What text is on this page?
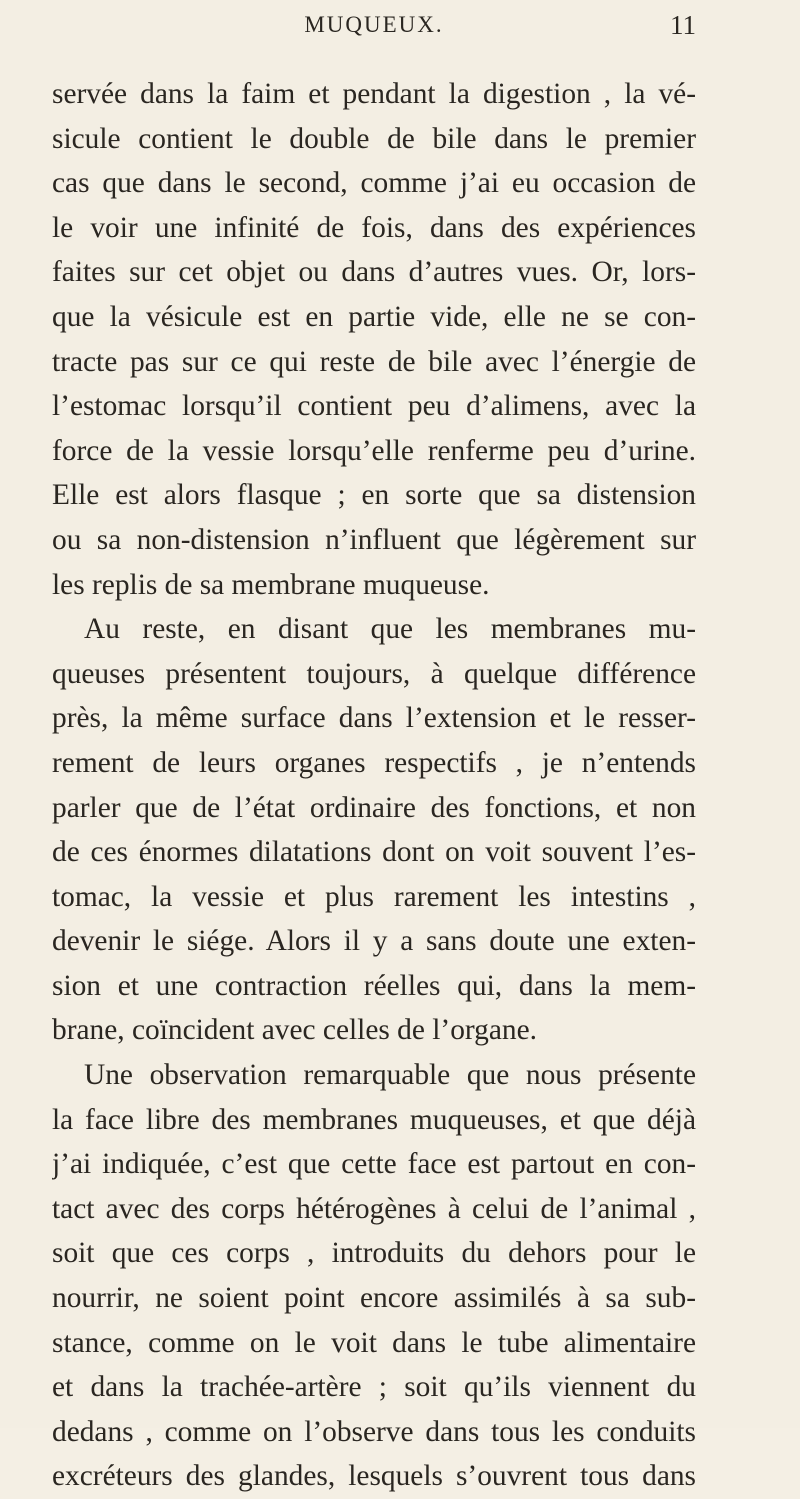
MUQUEUX.	11
servée dans la faim et pendant la digestion , la vé-
sicule contient le double de bile dans le premier
cas que dans le second, comme j’ai eu occasion de
le voir une infinité de fois, dans des expériences
faites sur cet objet ou dans d’autres vues. Or, lors-
que la vésicule est en partie vide, elle ne se con-
tracte pas sur ce qui reste de bile avec l’énergie de
l’estomac lorsqu’il contient peu d’alimens, avec la
force de la vessie lorsqu’elle renferme peu d’urine.
Elle est alors flasque ; en sorte que sa distension
ou sa non-distension n’influent que légèrement sur
les replis de sa membrane muqueuse.
Au reste, en disant que les membranes mu-
queuses présentent toujours, à quelque différence
près, la même surface dans l’extension et le resser-
rement de leurs organes respectifs , je n’entends
parler que de l’état ordinaire des fonctions, et non
de ces énormes dilatations dont on voit souvent l’es-
tomac, la vessie et plus rarement les intestins ,
devenir le siége. Alors il y a sans doute une exten-
sion et une contraction réelles qui, dans la mem-
brane, coïncident avec celles de l’organe.
Une observation remarquable que nous présente
la face libre des membranes muqueuses, et que déjà
j’ai indiquée, c’est que cette face est partout en con-
tact avec des corps hétérogènes à celui de l’animal ,
soit que ces corps , introduits du dehors pour le
nourrir, ne soient point encore assimilés à sa sub-
stance, comme on le voit dans le tube alimentaire
et dans la trachée-artère ; soit qu’ils viennent du
dedans , comme on l’observe dans tous les conduits
excréteurs des glandes, lesquels s’ouvrent tous dans
